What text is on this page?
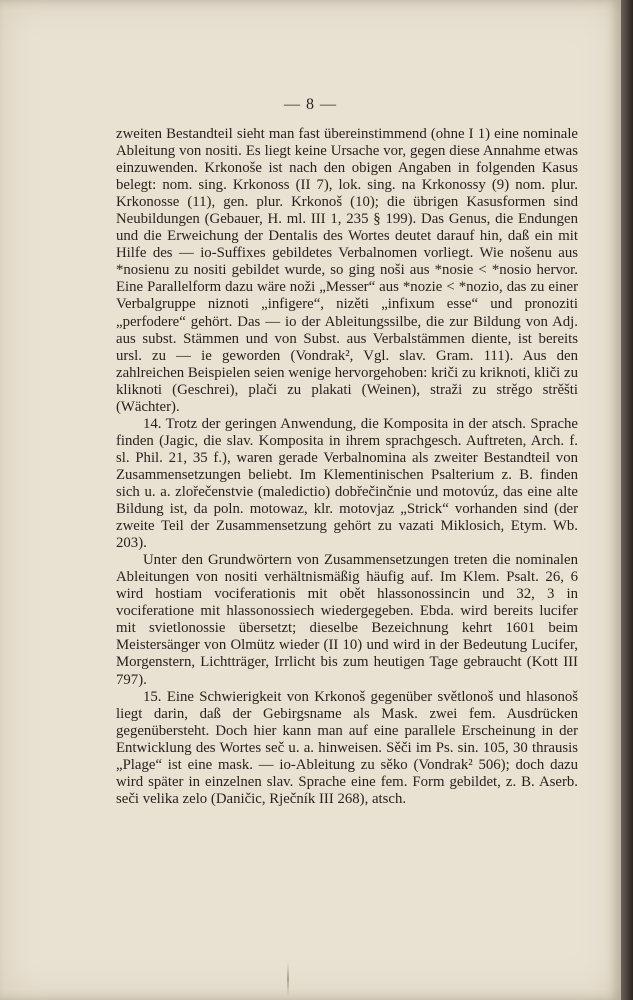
— 8 —

zweiten Bestandteil sieht man fast übereinstimmend (ohne I 1) eine nominale Ableitung von nositi. Es liegt keine Ursache vor, gegen diese Annahme etwas einzuwenden. Krkonoše ist nach den obigen Angaben in folgenden Kasus belegt: nom. sing. Krkonoss (II 7), lok. sing. na Krkonossy (9) nom. plur. Krkonosse (11), gen. plur. Krkonoš (10); die übrigen Kasusformen sind Neubildungen (Gebauer, H. ml. III 1, 235 § 199). Das Genus, die Endungen und die Erweichung der Dentalis des Wortes deutet darauf hin, daß ein mit Hilfe des — io-Suffixes gebildetes Verbalnomen vorliegt. Wie nošenu aus *nosienu zu nositi gebildet wurde, so ging noši aus *nosie < *nosio hervor. Eine Parallelform dazu wäre noži „Messer“ aus *nozie < *nozio, das zu einer Verbalgruppe niznoti „infigere“, nizěti „infixum esse“ und pronoziti „perfodere“ gehört. Das — io der Ableitungssilbe, die zur Bildung von Adj. aus subst. Stämmen und von Subst. aus Verbalstämmen diente, ist bereits ursl. zu — ie geworden (Vondrak², Vgl. slav. Gram. 111). Aus den zahlreichen Beispielen seien wenige hervorgehoben: kriči zu kriknoti, kliči zu kliknoti (Geschrei), plači zu plakati (Weinen), straži zu strěgo strěšti (Wächter).

14. Trotz der geringen Anwendung, die Komposita in der atsch. Sprache finden (Jagic, die slav. Komposita in ihrem sprachgesch. Auftreten, Arch. f. sl. Phil. 21, 35 f.), waren gerade Verbalnomina als zweiter Bestandteil von Zusammensetzungen beliebt. Im Klementinischen Psalterium z. B. finden sich u. a. zlořečenstvie (maledictio) dobřečinčnie und motovúz, das eine alte Bildung ist, da poln. motowaz, klr. motovjaz „Strick“ vorhanden sind (der zweite Teil der Zusammensetzung gehört zu vazati Miklosich, Etym. Wb. 203).

Unter den Grundwörtern von Zusammensetzungen treten die nominalen Ableitungen von nositi verhältnismäßig häufig auf. Im Klem. Psalt. 26, 6 wird hostiam vociferationis mit obět hlassonossincin und 32, 3 in vociferatione mit hlassonossiech wiedergegeben. Ebda. wird bereits lucifer mit svietlonossie übersetzt; dieselbe Bezeichnung kehrt 1601 beim Meistersänger von Olmütz wieder (II 10) und wird in der Bedeutung Lucifer, Morgenstern, Lichtträger, Irrlicht bis zum heutigen Tage gebraucht (Kott III 797).

15. Eine Schwierigkeit von Krkonoš gegenüber světlonoš und hlasonoš liegt darin, daß der Gebirgsname als Mask. zwei fem. Ausdrücken gegenübersteht. Doch hier kann man auf eine parallele Erscheinung in der Entwicklung des Wortes seč u. a. hinweisen. Sěči im Ps. sin. 105, 30 thrausis „Plage“ ist eine mask. — io-Ableitung zu sěko (Vondrak² 506); doch dazu wird später in einzelnen slav. Sprache eine fem. Form gebildet, z. B. Aserb. seči velika zelo (Daničic, Rječník III 268), atsch.
